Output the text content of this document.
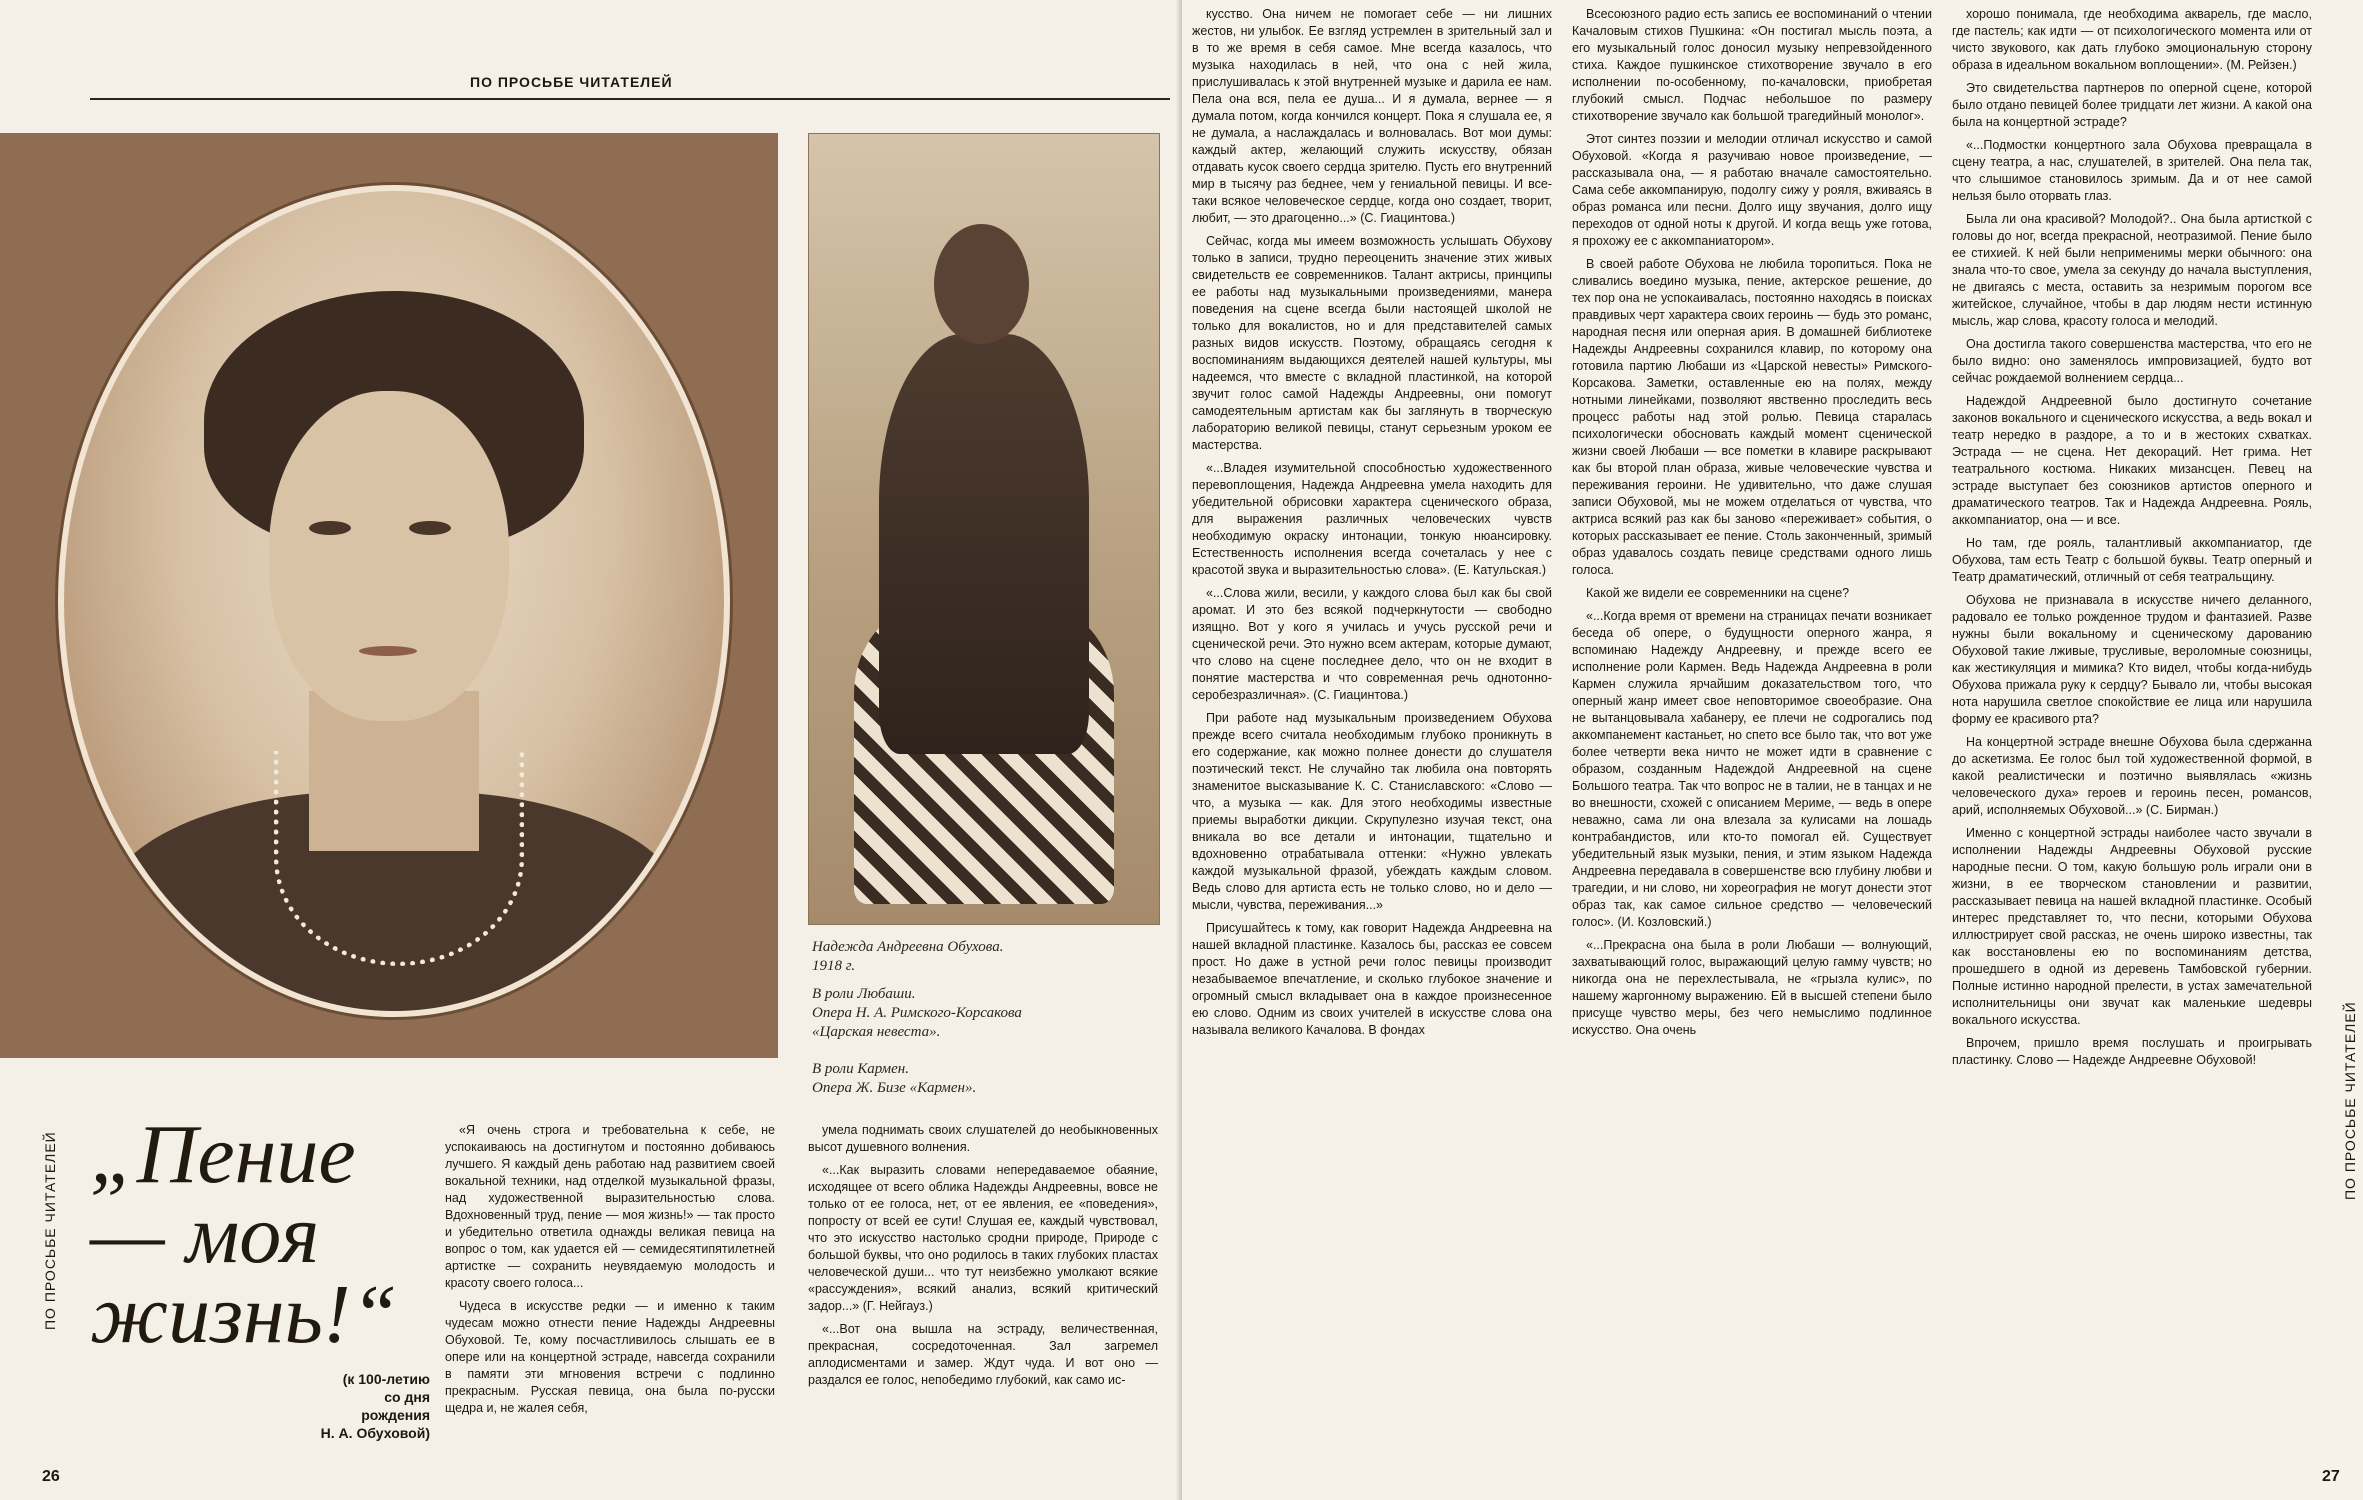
ПО ПРОСЬБЕ ЧИТАТЕЛЕЙ
Надежда Андреевна Обухова.
1918 г.
В роли Любаши.
Опера Н. А. Римского-Корсакова
«Царская невеста».
В роли Кармен.
Опера Ж. Бизе «Кармен».
„Пение — моя жизнь!“
(к 100-летию
со дня
рождения
Н. А. Обуховой)
ПО ПРОСЬБЕ ЧИТАТЕЛЕЙ
26

«Я очень строга и требовательна к себе, не успокаиваюсь на достигнутом и постоянно добиваюсь лучшего. Я каждый день работаю над развитием своей вокальной техники, над отделкой музыкальной фразы, над художественной выразительностью слова. Вдохновенный труд, пение — моя жизнь!» — так просто и убедительно ответила однажды великая певица на вопрос о том, как удается ей — семидесятипятилетней артистке — сохранить неувядаемую молодость и красоту своего голоса...

Чудеса в искусстве редки — и именно к таким чудесам можно отнести пение Надежды Андреевны Обуховой. Те, кому посчастливилось слышать ее в опере или на концертной эстраде, навсегда сохранили в памяти эти мгновения встречи с подлинно прекрасным. Русская певица, она была по-русски щедра и, не жалея себя,

умела поднимать своих слушателей до необыкновенных высот душевного волнения.

«...Как выразить словами непередаваемое обаяние, исходящее от всего облика Надежды Андреевны, вовсе не только от ее голоса, нет, от ее явления, ее «поведения», попросту от всей ее сути! Слушая ее, каждый чувствовал, что это искусство настолько сродни природе, Природе с большой буквы, что оно родилось в таких глубоких пластах человеческой души... что тут неизбежно умолкают всякие «рассуждения», всякий анализ, всякий критический задор...» (Г. Нейгауз.)

«...Вот она вышла на эстраду, величественная, прекрасная, сосредоточенная. Зал загремел аплодисментами и замер. Ждут чуда. И вот оно — раздался ее голос, непобедимо глубокий, как само ис-

кусство. Она ничем не помогает себе — ни лишних жестов, ни улыбок. Ее взгляд устремлен в зрительный зал и в то же время в себя самое. Мне всегда казалось, что музыка находилась в ней, что она с ней жила, прислушивалась к этой внутренней музыке и дарила ее нам. Пела она вся, пела ее душа... И я думала, вернее — я думала потом, когда кончился концерт. Пока я слушала ее, я не думала, а наслаждалась и волновалась. Вот мои думы: каждый актер, желающий служить искусству, обязан отдавать кусок своего сердца зрителю. Пусть его внутренний мир в тысячу раз беднее, чем у гениальной певицы. И все-таки всякое человеческое сердце, когда оно создает, творит, любит, — это драгоценно...» (С. Гиацинтова.)

Сейчас, когда мы имеем возможность услышать Обухову только в записи, трудно переоценить значение этих живых свидетельств ее современников. Талант актрисы, принципы ее работы над музыкальными произведениями, манера поведения на сцене всегда были настоящей школой не только для вокалистов, но и для представителей самых разных видов искусств. Поэтому, обращаясь сегодня к воспоминаниям выдающихся деятелей нашей культуры, мы надеемся, что вместе с вкладной пластинкой, на которой звучит голос самой Надежды Андреевны, они помогут самодеятельным артистам как бы заглянуть в творческую лабораторию великой певицы, станут серьезным уроком ее мастерства.

«...Владея изумительной способностью художественного перевоплощения, Надежда Андреевна умела находить для убедительной обрисовки характера сценического образа, для выражения различных человеческих чувств необходимую окраску интонации, тонкую нюансировку. Естественность исполнения всегда сочеталась у нее с красотой звука и выразительностью слова». (Е. Катульская.)

«...Слова жили, весили, у каждого слова был как бы свой аромат. И это без всякой подчеркнутости — свободно изящно. Вот у кого я училась и учусь русской речи и сценической речи. Это нужно всем актерам, которые думают, что слово на сцене последнее дело, что он не входит в понятие мастерства и что современная речь однотонно-серобезразличная». (С. Гиацинтова.)

При работе над музыкальным произведением Обухова прежде всего считала необходимым глубоко проникнуть в его содержание, как можно полнее донести до слушателя поэтический текст. Не случайно так любила она повторять знаменитое высказывание К. С. Станиславского: «Слово — что, а музыка — как. Для этого необходимы известные приемы выработки дикции. Скрупулезно изучая текст, она вникала во все детали и интонации, тщательно и вдохновенно отрабатывала оттенки: «Нужно увлекать каждой музыкальной фразой, убеждать каждым словом. Ведь слово для артиста есть не только слово, но и дело — мысли, чувства, переживания...»

Присушайтесь к тому, как говорит Надежда Андреевна на нашей вкладной пластинке. Казалось бы, рассказ ее совсем прост. Но даже в устной речи голос певицы производит незабываемое впечатление, и сколько глубокое значение и огромный смысл вкладывает она в каждое произнесенное ею слово. Одним из своих учителей в искусстве слова она называла великого Качалова. В фондах

Всесоюзного радио есть запись ее воспоминаний о чтении Качаловым стихов Пушкина: «Он постигал мысль поэта, а его музыкальный голос доносил музыку непревзойденного стиха. Каждое пушкинское стихотворение звучало в его исполнении по-особенному, по-качаловски, приобретая глубокий смысл. Подчас небольшое по размеру стихотворение звучало как большой трагедийный монолог».

Этот синтез поэзии и мелодии отличал искусство и самой Обуховой. «Когда я разучиваю новое произведение, — рассказывала она, — я работаю вначале самостоятельно. Сама себе аккомпанирую, подолгу сижу у рояля, вживаясь в образ романса или песни. Долго ищу звучания, долго ищу переходов от одной ноты к другой. И когда вещь уже готова, я прохожу ее с аккомпаниатором».

В своей работе Обухова не любила торопиться. Пока не сливались воедино музыка, пение, актерское решение, до тех пор она не успокаивалась, постоянно находясь в поисках правдивых черт характера своих героинь — будь это романс, народная песня или оперная ария. В домашней библиотеке Надежды Андреевны сохранился клавир, по которому она готовила партию Любаши из «Царской невесты» Римского-Корсакова. Заметки, оставленные ею на полях, между нотными линейками, позволяют явственно проследить весь процесс работы над этой ролью. Певица старалась психологически обосновать каждый момент сценической жизни своей Любаши — все пометки в клавире раскрывают как бы второй план образа, живые человеческие чувства и переживания героини. Не удивительно, что даже слушая записи Обуховой, мы не можем отделаться от чувства, что актриса всякий раз как бы заново «переживает» события, о которых рассказывает ее пение. Столь законченный, зримый образ удавалось создать певице средствами одного лишь голоса.

Какой же видели ее современники на сцене?

«...Когда время от времени на страницах печати возникает беседа об опере, о будущности оперного жанра, я вспоминаю Надежду Андреевну, и прежде всего ее исполнение роли Кармен. Ведь Надежда Андреевна в роли Кармен служила ярчайшим доказательством того, что оперный жанр имеет свое неповторимое своеобразие. Она не вытанцовывала хабанеру, ее плечи не содрогались под аккомпанемент кастаньет, но спето все было так, что вот уже более четверти века ничто не может идти в сравнение с образом, созданным Надеждой Андреевной на сцене Большого театра. Так что вопрос не в талии, не в танцах и не во внешности, схожей с описанием Мериме, — ведь в опере неважно, сама ли она влезала за кулисами на лошадь контрабандистов, или кто-то помогал ей. Существует убедительный язык музыки, пения, и этим языком Надежда Андреевна передавала в совершенстве всю глубину любви и трагедии, и ни слово, ни хореография не могут донести этот образ так, как самое сильное средство — человеческий голос». (И. Козловский.)

«...Прекрасна она была в роли Любаши — волнующий, захватывающий голос, выражающий целую гамму чувств; но никогда она не перехлестывала, не «грызла кулис», по нашему жаргонному выражению. Ей в высшей степени было присуще чувство меры, без чего немыслимо подлинное искусство. Она очень

хорошо понимала, где необходима акварель, где масло, где пастель; как идти — от психологического момента или от чисто звукового, как дать глубоко эмоциональную сторону образа в идеальном вокальном воплощении». (М. Рейзен.)

Это свидетельства партнеров по оперной сцене, которой было отдано певицей более тридцати лет жизни. А какой она была на концертной эстраде?

«...Подмостки концертного зала Обухова превращала в сцену театра, а нас, слушателей, в зрителей. Она пела так, что слышимое становилось зримым. Да и от нее самой нельзя было оторвать глаз.

Была ли она красивой? Молодой?.. Она была артисткой с головы до ног, всегда прекрасной, неотразимой. Пение было ее стихией. К ней были неприменимы мерки обычного: она знала что-то свое, умела за секунду до начала выступления, не двигаясь с места, оставить за незримым порогом все житейское, случайное, чтобы в дар людям нести истинную мысль, жар слова, красоту голоса и мелодий.

Она достигла такого совершенства мастерства, что его не было видно: оно заменялось импровизацией, будто вот сейчас рождаемой волнением сердца...

Надеждой Андреевной было достигнуто сочетание законов вокального и сценического искусства, а ведь вокал и театр нередко в раздоре, а то и в жестоких схватках. Эстрада — не сцена. Нет декораций. Нет грима. Нет театрального костюма. Никаких мизансцен. Певец на эстраде выступает без союзников артистов оперного и драматического театров. Так и Надежда Андреевна. Рояль, аккомпаниатор, она — и все.

Но там, где рояль, талантливый аккомпаниатор, где Обухова, там есть Театр с большой буквы. Театр оперный и Театр драматический, отличный от себя театральщину.

Обухова не признавала в искусстве ничего деланного, радовало ее только рожденное трудом и фантазией. Разве нужны были вокальному и сценическому дарованию Обуховой такие лживые, трусливые, вероломные союзницы, как жестикуляция и мимика? Кто видел, чтобы когда-нибудь Обухова прижала руку к сердцу? Бывало ли, чтобы высокая нота нарушила светлое спокойствие ее лица или нарушила форму ее красивого рта?

На концертной эстраде внешне Обухова была сдержанна до аскетизма. Ее голос был той художественной формой, в какой реалистически и поэтично выявлялась «жизнь человеческого духа» героев и героинь песен, романсов, арий, исполняемых Обуховой...» (С. Бирман.)

Именно с концертной эстрады наиболее часто звучали в исполнении Надежды Андреевны Обуховой русские народные песни. О том, какую большую роль играли они в жизни, в ее творческом становлении и развитии, рассказывает певица на нашей вкладной пластинке. Особый интерес представляет то, что песни, которыми Обухова иллюстрирует свой рассказ, не очень широко известны, так как восстановлены ею по воспоминаниям детства, прошедшего в одной из деревень Тамбовской губернии. Полные истинно народной прелести, в устах замечательной исполнительницы они звучат как маленькие шедевры вокального искусства.

Впрочем, пришло время послушать и проигрывать пластинку. Слово — Надежде Андреевне Обуховой!	ПО ПРОСЬБЕ ЧИТАТЕЛЕЙ
27
